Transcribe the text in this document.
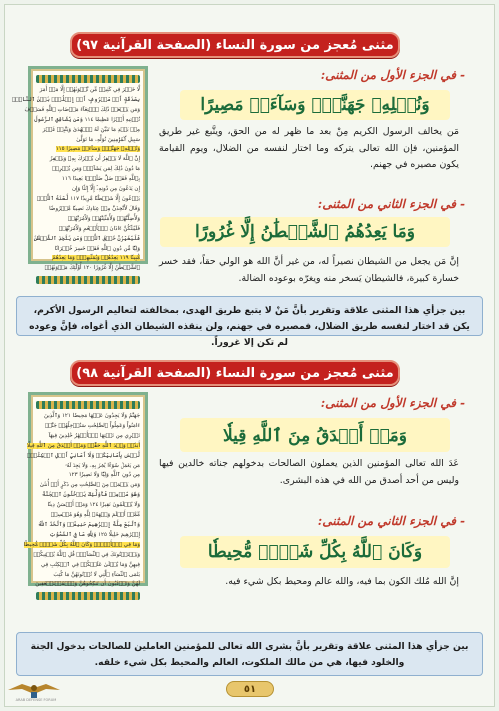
مثنى مُعجز من سورة النساء (الصفحة القرآنية ٩٧)
لَّا خَيۡرَ فِي كَثِيرٖ مِّن نَّجۡوَىٰهُمۡ إِلَّا مَنۡ أَمَرَ
بِصَدَقَةٍ أَوۡ مَعۡرُوفٍ أَوۡ إِصۡلَٰحِۭ بَيۡنَ ٱلنَّاسِۚ
وَمَن يَفۡعَلۡ ذَٰلِكَ ٱبۡتِغَآءَ مَرۡضَاتِ ٱللَّهِ فَسَوۡفَ
نُؤۡتِيهِ أَجۡرًا عَظِيمٗا ١١٤ وَمَن يُشَاقِقِ ٱلرَّسُولَ
مِنۢ بَعۡدِ مَا تَبَيَّنَ لَهُ ٱلۡهُدَىٰ وَيَتَّبِعۡ غَيۡرَ
سَبِيلِ ٱلۡمُؤۡمِنِينَ نُوَلِّهِۦ مَا تَوَلَّىٰ
وَنُصۡلِهِۦ جَهَنَّمَۖ وَسَآءَتۡ مَصِيرًا ١١٥
إِنَّ ٱللَّهَ لَا يَغۡفِرُ أَن يُشۡرَكَ بِهِۦ وَيَغۡفِرُ
مَا دُونَ ذَٰلِكَ لِمَن يَشَآءُۚ وَمَن يُشۡرِكۡ
بِٱللَّهِ فَقَدۡ ضَلَّ ضَلَٰلَۢا بَعِيدًا ١١٦
إِن يَدۡعُونَ مِن دُونِهِۦٓ إِلَّآ إِنَٰثٗا وَإِن
يَدۡعُونَ إِلَّا شَيۡطَٰنٗا مَّرِيدٗا ١١٧ لَّعَنَهُ ٱللَّهُۘ
وَقَالَ لَأَتَّخِذَنَّ مِنۡ عِبَادِكَ نَصِيبٗا مَّفۡرُوضٗا
وَلَأُضِلَّنَّهُمۡ وَلَأُمَنِّيَنَّهُمۡ وَلَأٓمُرَنَّهُمۡ
فَلَيُبَتِّكُنَّ ءَاذَانَ ٱلۡأَنۡعَٰمِ وَلَأٓمُرَنَّهُمۡ
فَلَيُغَيِّرُنَّ خَلۡقَ ٱللَّهِۚ وَمَن يَتَّخِذِ ٱلشَّيۡطَٰنَ
وَلِيّٗا مِّن دُونِ ٱللَّهِ فَقَدۡ خَسِرَ خُسۡرَانٗا
مُّبِينٗا ١١٩ يَعِدُهُمۡ وَيُمَنِّيهِمۡۖ وَمَا يَعِدُهُمُ
ٱلشَّيۡطَٰنُ إِلَّا غُرُورًا ١٢٠ أُوْلَٰٓئِكَ مَأۡوَىٰهُمۡ
- في الجزء الأول من المثنى:
وَنُصۡلِهِۦ جَهَنَّمَۖ وَسَآءَتۡ مَصِيرًا
مَن يخالف الرسول الكريم مِنْ بعد ما ظهر له من الحق، ويتَّبع غير طريق المؤمنين، فإن الله تعالى يتركه وما اختار لنفسه من الضلال، ويوم القيامة يكون مصيره في جهنم.
- في الجزء الثاني من المثنى:
وَمَا يَعِدُهُمُ ٱلشَّيۡطَٰنُ إِلَّا غُرُورًا
إنَّ مَن يجعل من الشيطان نصيراً له، من غير أنَّ الله هو الولي حقاً، فقد خسر خسارة كبيرة، فالشيطان يَسخر منه ويغرّه بوعوده الضالة.
بين جزأي هذا المثنى علاقة وتقرير بأنَّ مَنْ لا يتبع طريق الهدى، بمخالفته لتعاليم الرسول الأكرم، يكن قد اختار لنفسه طريق الضلال، فمصيره في جهنم، ولن ينقذه الشيطان الذي أغواه، فإنَّ وعوده لم تكن إلا غروراً.
مثنى مُعجز من سورة النساء (الصفحة القرآنية ٩٨)
جَهَنَّمُ وَلَا يَجِدُونَ عَنۡهَا مَحِيصٗا ١٢١ وَٱلَّذِينَ
ءَامَنُواْ وَعَمِلُواْ ٱلصَّٰلِحَٰتِ سَنُدۡخِلُهُمۡ جَنَّٰتٖ
تَجۡرِي مِن تَحۡتِهَا ٱلۡأَنۡهَٰرُ خَٰلِدِينَ فِيهَآ
أَبَدٗاۖ وَعۡدَ ٱللَّهِ حَقّٗاۚ وَمَنۡ أَصۡدَقُ مِنَ ٱللَّهِ قِيلٗا
لَّيۡسَ بِأَمَانِيِّكُمۡ وَلَآ أَمَانِيِّ أَهۡلِ ٱلۡكِتَٰبِۗ
مَن يَعۡمَلۡ سُوٓءٗا يُجۡزَ بِهِۦ وَلَا يَجِدۡ لَهُۥ
مِن دُونِ ٱللَّهِ وَلِيّٗا وَلَا نَصِيرٗا ١٢٣
وَمَن يَعۡمَلۡ مِنَ ٱلصَّٰلِحَٰتِ مِن ذَكَرٍ أَوۡ أُنثَىٰ
وَهُوَ مُؤۡمِنٞ فَأُوْلَٰٓئِكَ يَدۡخُلُونَ ٱلۡجَنَّةَ
وَلَا يُظۡلَمُونَ نَقِيرٗا ١٢٤ وَمَنۡ أَحۡسَنُ دِينٗا
مِّمَّنۡ أَسۡلَمَ وَجۡهَهُۥ لِلَّهِ وَهُوَ مُحۡسِنٞ
وَٱتَّبَعَ مِلَّةَ إِبۡرَٰهِيمَ حَنِيفٗاۗ وَٱتَّخَذَ ٱللَّهُ
إِبۡرَٰهِيمَ خَلِيلٗا ١٢٥ وَلِلَّهِ مَا فِي ٱلسَّمَٰوَٰتِ
وَمَا فِي ٱلۡأَرۡضِۚ وَكَانَ ٱللَّهُ بِكُلِّ شَيۡءٖ مُّحِيطٗا
وَيَسۡتَفۡتُونَكَ فِي ٱلنِّسَآءِۖ قُلِ ٱللَّهُ يُفۡتِيكُمۡ
فِيهِنَّ وَمَا يُتۡلَىٰ عَلَيۡكُمۡ فِي ٱلۡكِتَٰبِ فِي
يَتَٰمَى ٱلنِّسَآءِ ٱلَّٰتِي لَا تُؤۡتُونَهُنَّ مَا كُتِبَ
لَهُنَّ وَتَرۡغَبُونَ أَن تَنكِحُوهُنَّ وَٱلۡمُسۡتَضۡعَفِينَ
- في الجزء الأول من المثنى:
وَمَنۡ أَصۡدَقُ مِنَ ٱللَّهِ قِيلٗا
عَدَ الله تعالى المؤمنين الذين يعملون الصالحات بدخولهم جناته خالدين فيها وليس من أحد أصدق من الله في هذه البشرى.
- في الجزء الثاني من المثنى:
وَكَانَ ٱللَّهُ بِكُلِّ شَيۡءٖ مُّحِيطٗا
إنَّ الله مُلك الكون بما فيه، والله عالم ومحيط بكل شيء فيه.
بين جزأي هذا المثنى علاقة وتقرير بأنَّ بشرى الله تعالى للمؤمنين العاملين للصالحات بدخول الجنة والخلود فيها، هي من مالك الملكوت، العالم والمحيط بكل شيء خلقه.
٥١
ARAB DEFENSE FORUM
